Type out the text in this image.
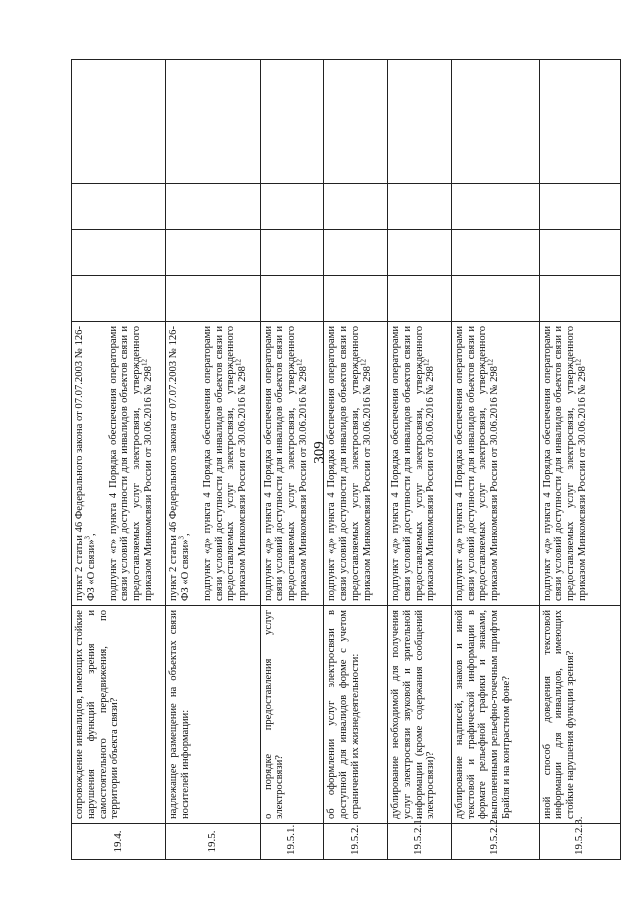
309
19.4.	сопровождение инвалидов, имеющих стойкие нарушения функций зрения и самостоятельного передвижения, по территории объекта связи?	пункт 2 статьи 46 Федерального закона от 07.07.2003 № 126-ФЗ «О связи»$^3$, подпункт «г» пункта 4 Порядка обеспечения операторами связи условий доступности для инвалидов объектов связи и предоставляемых услуг электросвязи, утвержденного приказом Минкомсвязи России от 30.06.2016 № $298^{12}$				
19.5.	надлежащее размещение на объектах связи носителей информации:	пункт 2 статьи 46 Федерального закона от 07.07.2003 № 126-ФЗ «О связи»$^3$, подпункт «д» пункта 4 Порядка обеспечения операторами связи условий доступности для инвалидов объектов связи и предоставляемых услуг электросвязи, утвержденного приказом Минкомсвязи России от 30.06.2016 № $298^{12}$				
19.5.1.	о порядке предоставления услуг электросвязи?	подпункт «д» пункта 4 Порядка обеспечения операторами связи условий доступности для инвалидов объектов связи и предоставляемых услуг электросвязи, утвержденного приказом Минкомсвязи России от 30.06.2016 № $298^{12}$				
19.5.2.	об оформлении услуг электросвязи в доступной для инвалидов форме с учетом ограничений их жизнедеятельности:	подпункт «д» пункта 4 Порядка обеспечения операторами связи условий доступности для инвалидов объектов связи и предоставляемых услуг электросвязи, утвержденного приказом Минкомсвязи России от 30.06.2016 № $298^{12}$				
19.5.2.1.	дублирование необходимой для получения услуг электросвязи звуковой и зрительной информации (кроме содержания сообщений электросвязи)?	подпункт «д» пункта 4 Порядка обеспечения операторами связи условий доступности для инвалидов объектов связи и предоставляемых услуг электросвязи, утвержденного приказом Минкомсвязи России от 30.06.2016 № $298^{12}$				
19.5.2.2.	дублирование надписей, знаков и иной текстовой и графической информации в формате рельефной графики и знаками, выполненными рельефно-точечным шрифтом Брайля и на контрастном фоне?	подпункт «д» пункта 4 Порядка обеспечения операторами связи условий доступности для инвалидов объектов связи и предоставляемых услуг электросвязи, утвержденного приказом Минкомсвязи России от 30.06.2016 № $298^{12}$				
19.5.2.3.	иной способ доведения текстовой информации для инвалидов, имеющих стойкие нарушения функции зрения?	подпункт «д» пункта 4 Порядка обеспечения операторами связи условий доступности для инвалидов объектов связи и предоставляемых услуг электросвязи, утвержденного приказом Минкомсвязи России от 30.06.2016 № $298^{12}$				
